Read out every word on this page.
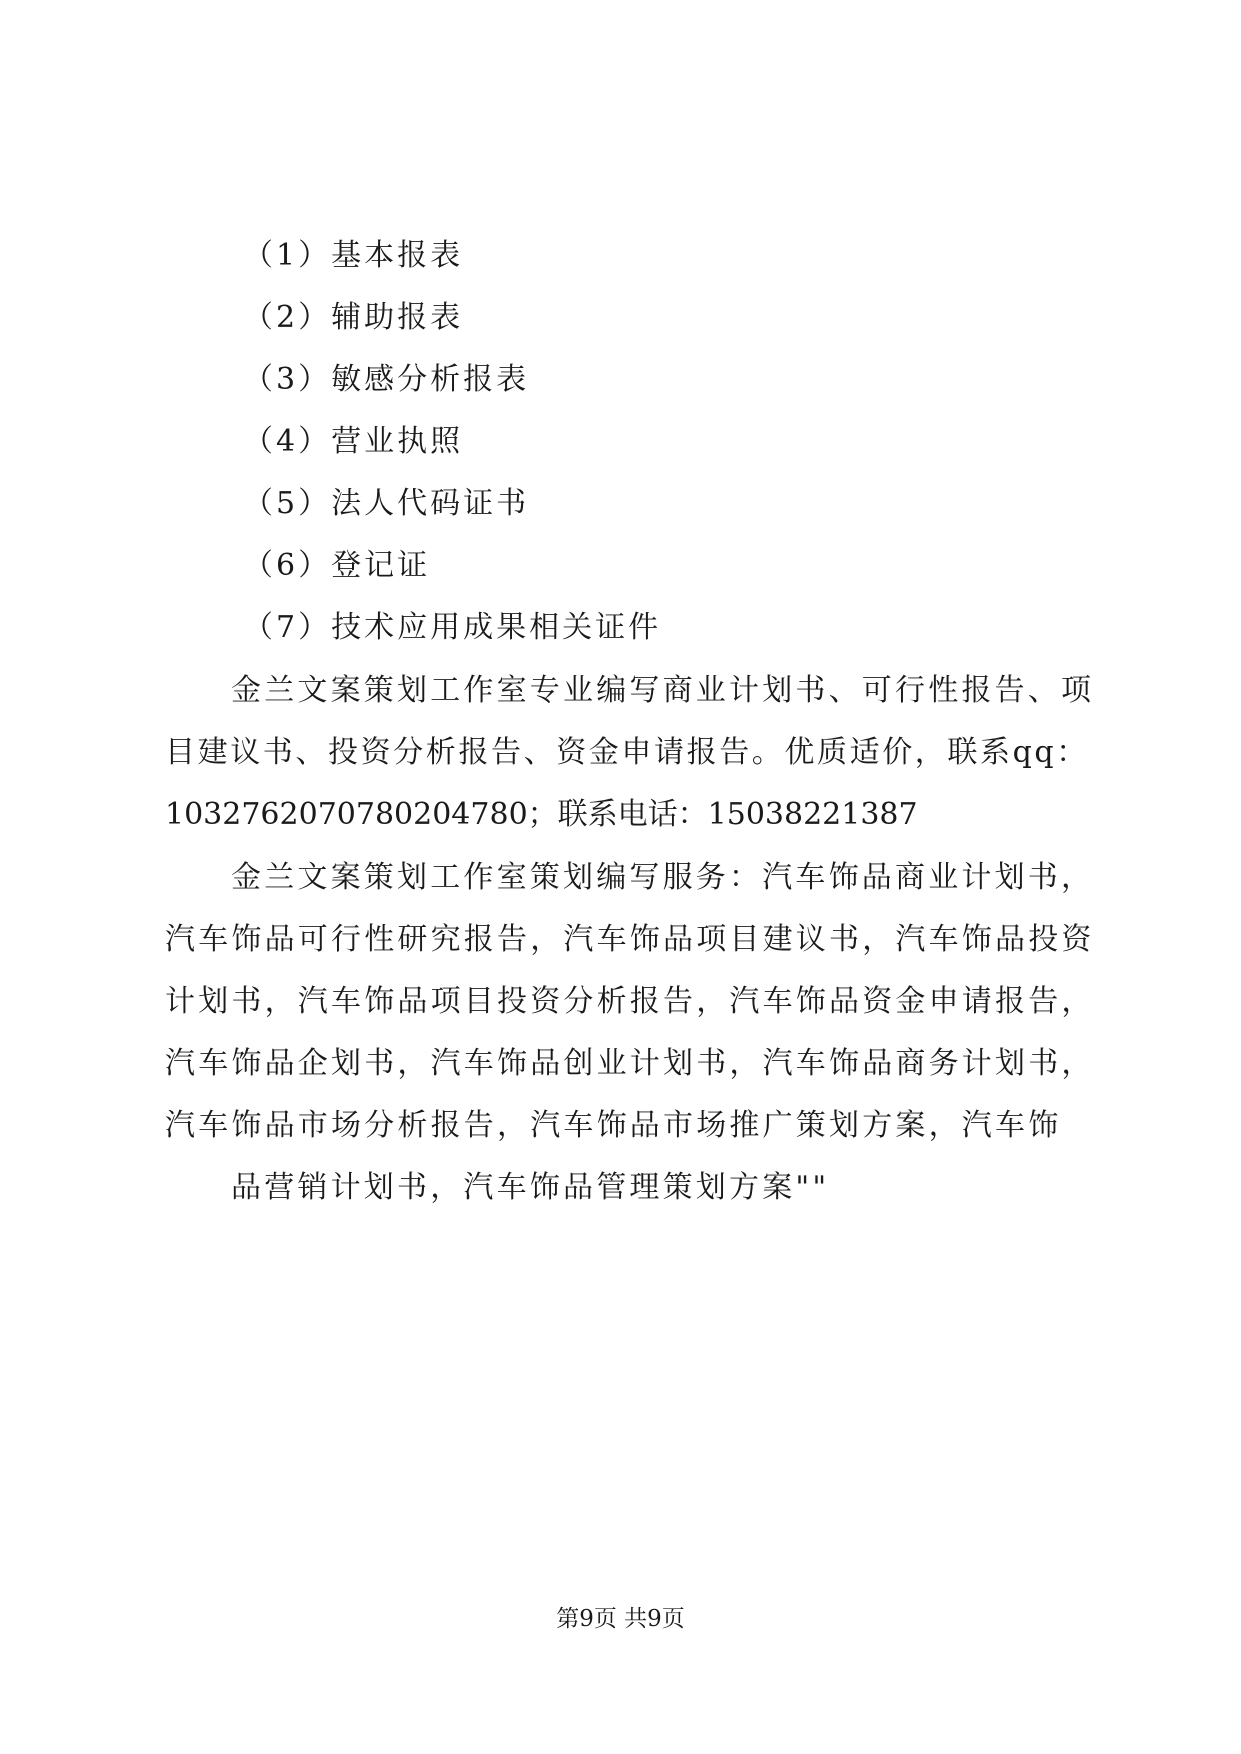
（1）基本报表
（2）辅助报表
（3）敏感分析报表
（4）营业执照
（5）法人代码证书
（6）登记证
（7）技术应用成果相关证件
金兰文案策划工作室专业编写商业计划书、可行性报告、项
目建议书、投资分析报告、资金申请报告。优质适价，联系qq：
103276207078020478​0；联系电话：15038221387
金兰文案策划工作室策划编写服务：汽车饰品商业计划书，
汽车饰品可行性研究报告，汽车饰品项目建议书，汽车饰品投资
计划书，汽车饰品项目投资分析报告，汽车饰品资金申请报告，
汽车饰品企划书，汽车饰品创业计划书，汽车饰品商务计划书，
汽车饰品市场分析报告，汽车饰品市场推广策划方案，汽车饰
品营销计划书，汽车饰品管理策划方案""
第9页 共9页
